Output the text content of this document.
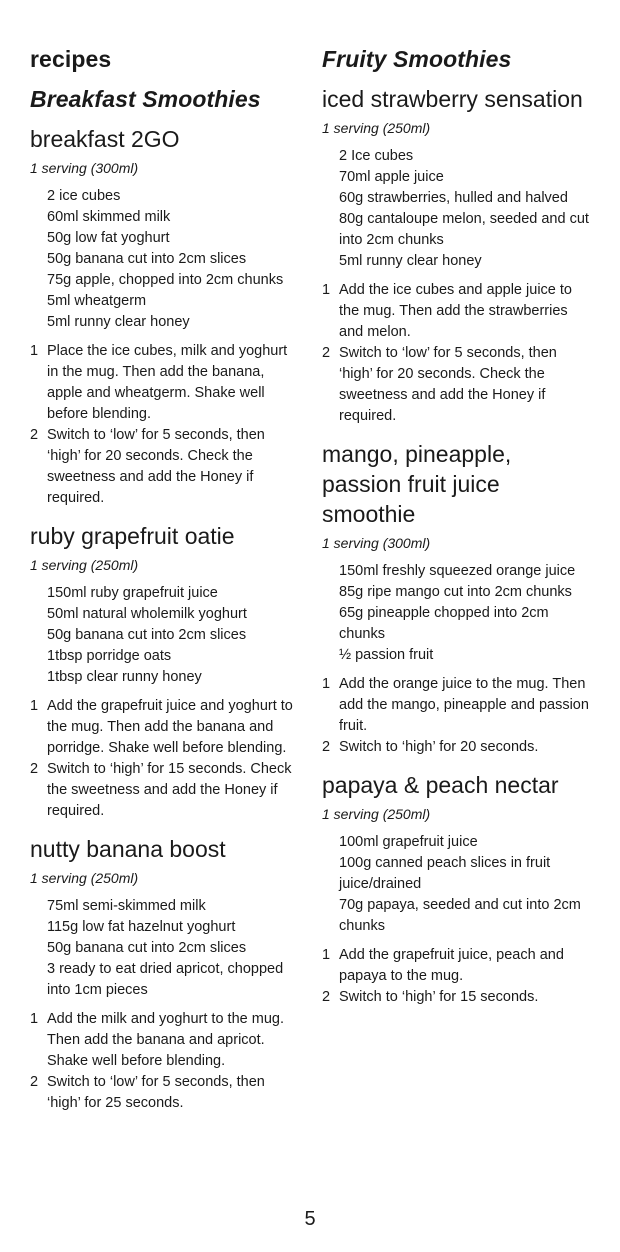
recipes
Breakfast Smoothies
breakfast 2GO
1 serving (300ml)
2 ice cubes
60ml skimmed milk
50g low fat yoghurt
50g banana cut into 2cm slices
75g apple, chopped into 2cm chunks
5ml wheatgerm
5ml runny clear honey
1 Place the ice cubes, milk and yoghurt in the mug. Then add the banana, apple and wheatgerm. Shake well before blending.
2 Switch to ‘low’ for 5 seconds, then ‘high’ for 20 seconds. Check the sweetness and add the Honey if required.
ruby grapefruit oatie
1 serving (250ml)
150ml ruby grapefruit juice
50ml natural wholemilk yoghurt
50g banana cut into 2cm slices
1tbsp porridge oats
1tbsp clear runny honey
1 Add the grapefruit juice and yoghurt to the mug. Then add the banana and porridge. Shake well before blending.
2 Switch to ‘high’ for 15 seconds. Check the sweetness and add the Honey if required.
nutty banana boost
1 serving (250ml)
75ml semi-skimmed milk
115g low fat hazelnut yoghurt
50g banana cut into 2cm slices
3 ready to eat dried apricot, chopped into 1cm pieces
1 Add the milk and yoghurt to the mug. Then add the banana and apricot. Shake well before blending.
2 Switch to ‘low’ for 5 seconds, then ‘high’ for 25 seconds.
Fruity Smoothies
iced strawberry sensation
1 serving (250ml)
2 Ice cubes
70ml apple juice
60g strawberries, hulled and halved
80g cantaloupe melon, seeded and cut into 2cm chunks
5ml runny clear honey
1 Add the ice cubes and apple juice to the mug. Then add the strawberries and melon.
2 Switch to ‘low’ for 5 seconds, then ‘high’ for 20 seconds. Check the sweetness and add the Honey if required.
mango, pineapple, passion fruit juice smoothie
1 serving (300ml)
150ml freshly squeezed orange juice
85g ripe mango cut into 2cm chunks
65g pineapple chopped into 2cm chunks
½ passion fruit
1 Add the orange juice to the mug. Then add the mango, pineapple and passion fruit.
2 Switch to ‘high’ for 20 seconds.
papaya & peach nectar
1 serving (250ml)
100ml grapefruit juice
100g canned peach slices in fruit juice/drained
70g papaya, seeded and cut into 2cm chunks
1 Add the grapefruit juice, peach and papaya to the mug.
2 Switch to ‘high’ for 15 seconds.
5
